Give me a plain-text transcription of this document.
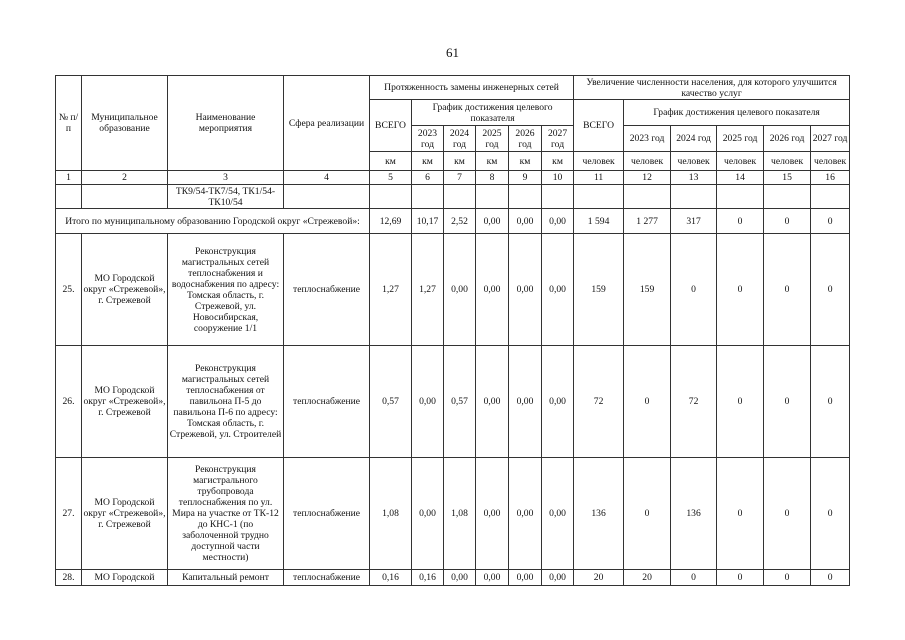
61
№ п/п	Муниципальное образование	Наименование мероприятия	Сфера реализации	Протяженность замены инженерных сетей						Увеличение численности населения, для которого улучшится качество услуг					
				ВСЕГО	График достижения целевого показателя					ВСЕГО	График достижения целевого показателя				
					2023 год	2024 год	2025 год	2026 год	2027 год		2023 год	2024 год	2025 год	2026 год	2027 год
				км	км	км	км	км	км	человек	человек	человек	человек	человек	человек
1	2	3	4	5	6	7	8	9	10	11	12	13	14	15	16
		ТК9/54-ТК7/54, ТК1/54-ТК10/54													
Итого по муниципальному образованию Городской округ «Стрежевой»:				12,69	10,17	2,52	0,00	0,00	0,00	1 594	1 277	317	0	0	0
25.	МО Городской округ «Стрежевой», г. Стрежевой	Реконструкция магистральных сетей теплоснабжения и водоснабжения по адресу: Томская область, г. Стрежевой, ул. Новосибирская, сооружение 1/1	теплоснабжение	1,27	1,27	0,00	0,00	0,00	0,00	159	159	0	0	0	0
26.	МО Городской округ «Стрежевой», г. Стрежевой	Реконструкция магистральных сетей теплоснабжения от павильона П-5 до павильона П-6 по адресу: Томская область, г. Стрежевой, ул. Строителей	теплоснабжение	0,57	0,00	0,57	0,00	0,00	0,00	72	0	72	0	0	0
27.	МО Городской округ «Стрежевой», г. Стрежевой	Реконструкция магистрального трубопровода теплоснабжения по ул. Мира на участке от ТК-12 до КНС-1 (по заболоченной трудно доступной части местности)	теплоснабжение	1,08	0,00	1,08	0,00	0,00	0,00	136	0	136	0	0	0
28.	МО Городской	Капитальный ремонт	теплоснабжение	0,16	0,16	0,00	0,00	0,00	0,00	20	20	0	0	0	0
